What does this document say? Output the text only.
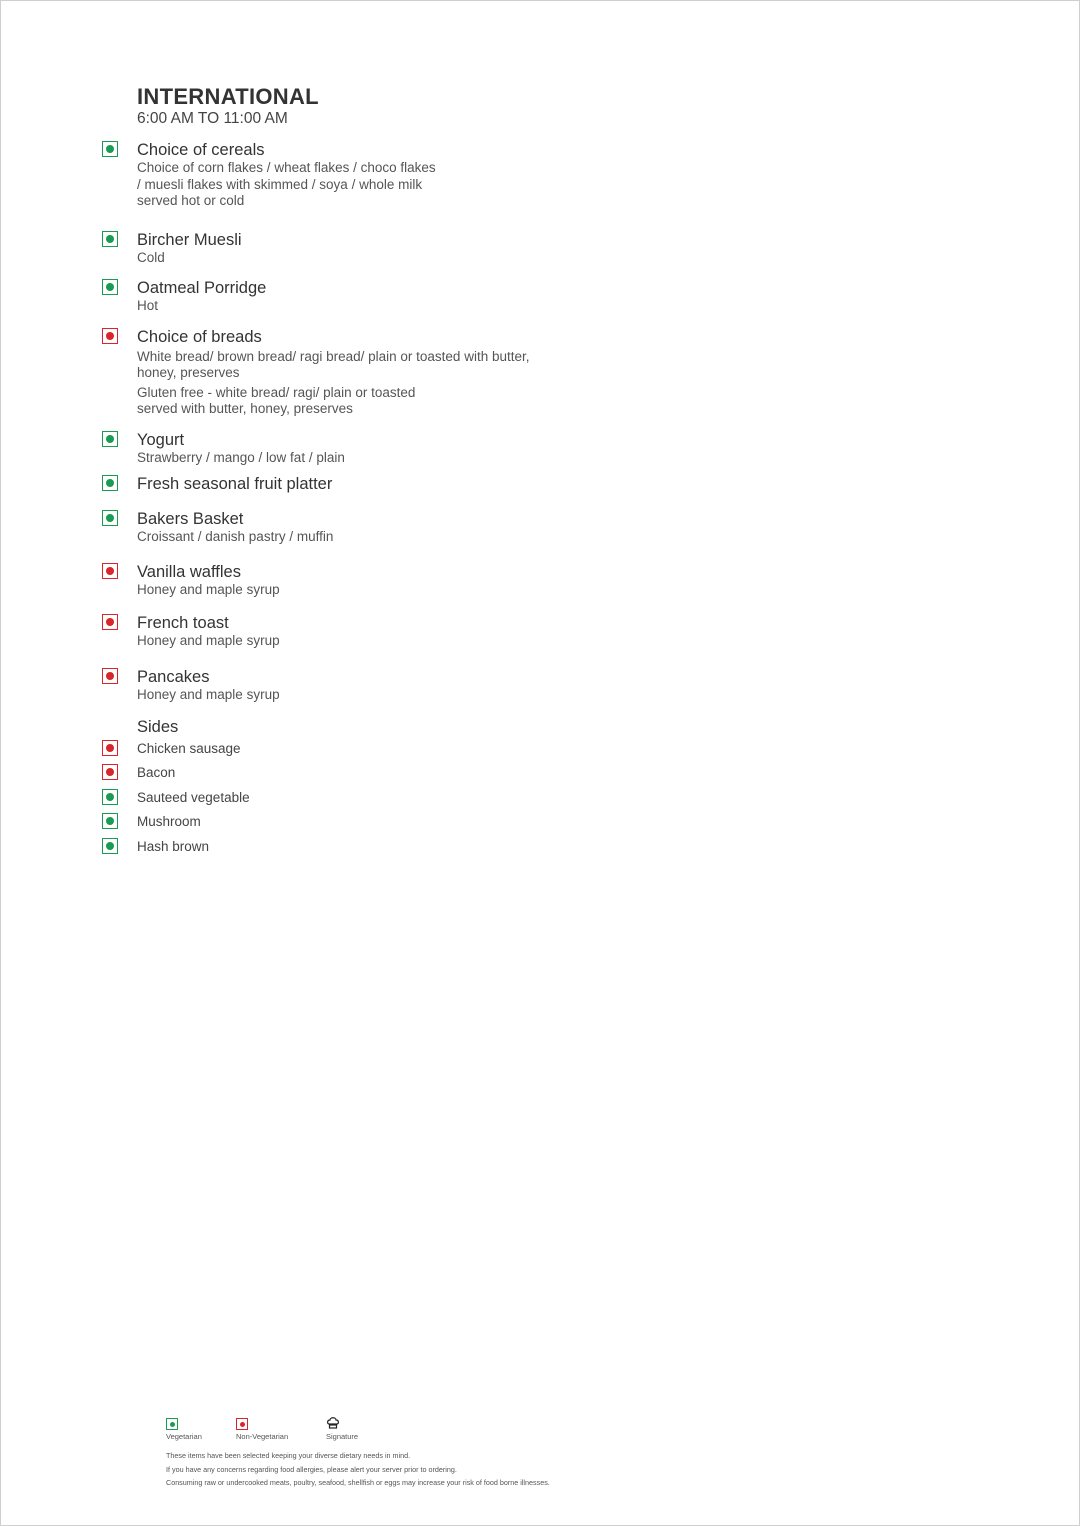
INTERNATIONAL
6:00 AM TO 11:00 AM
Choice of cereals
Choice of corn flakes / wheat flakes / choco flakes
/ muesli flakes with skimmed / soya / whole milk
served hot or cold
Bircher Muesli
Cold
Oatmeal Porridge
Hot
Choice of breads
White bread/ brown bread/ ragi bread/ plain or toasted with butter,
honey, preserves
Gluten free - white bread/ ragi/ plain or toasted
served with butter, honey, preserves
Yogurt
Strawberry / mango / low fat / plain
Fresh seasonal fruit platter
Bakers Basket
Croissant / danish pastry / muffin
Vanilla waffles
Honey and maple syrup
French toast
Honey and maple syrup
Pancakes
Honey and maple syrup
Sides
Chicken sausage
Bacon
Sauteed vegetable
Mushroom
Hash brown
Vegetarian	Non-Vegetarian	Signature
These items have been selected keeping your diverse dietary needs in mind.
If you have any concerns regarding food allergies, please alert your server prior to ordering.
Consuming raw or undercooked meats, poultry, seafood, shellfish or eggs may increase your risk of food borne illnesses.
